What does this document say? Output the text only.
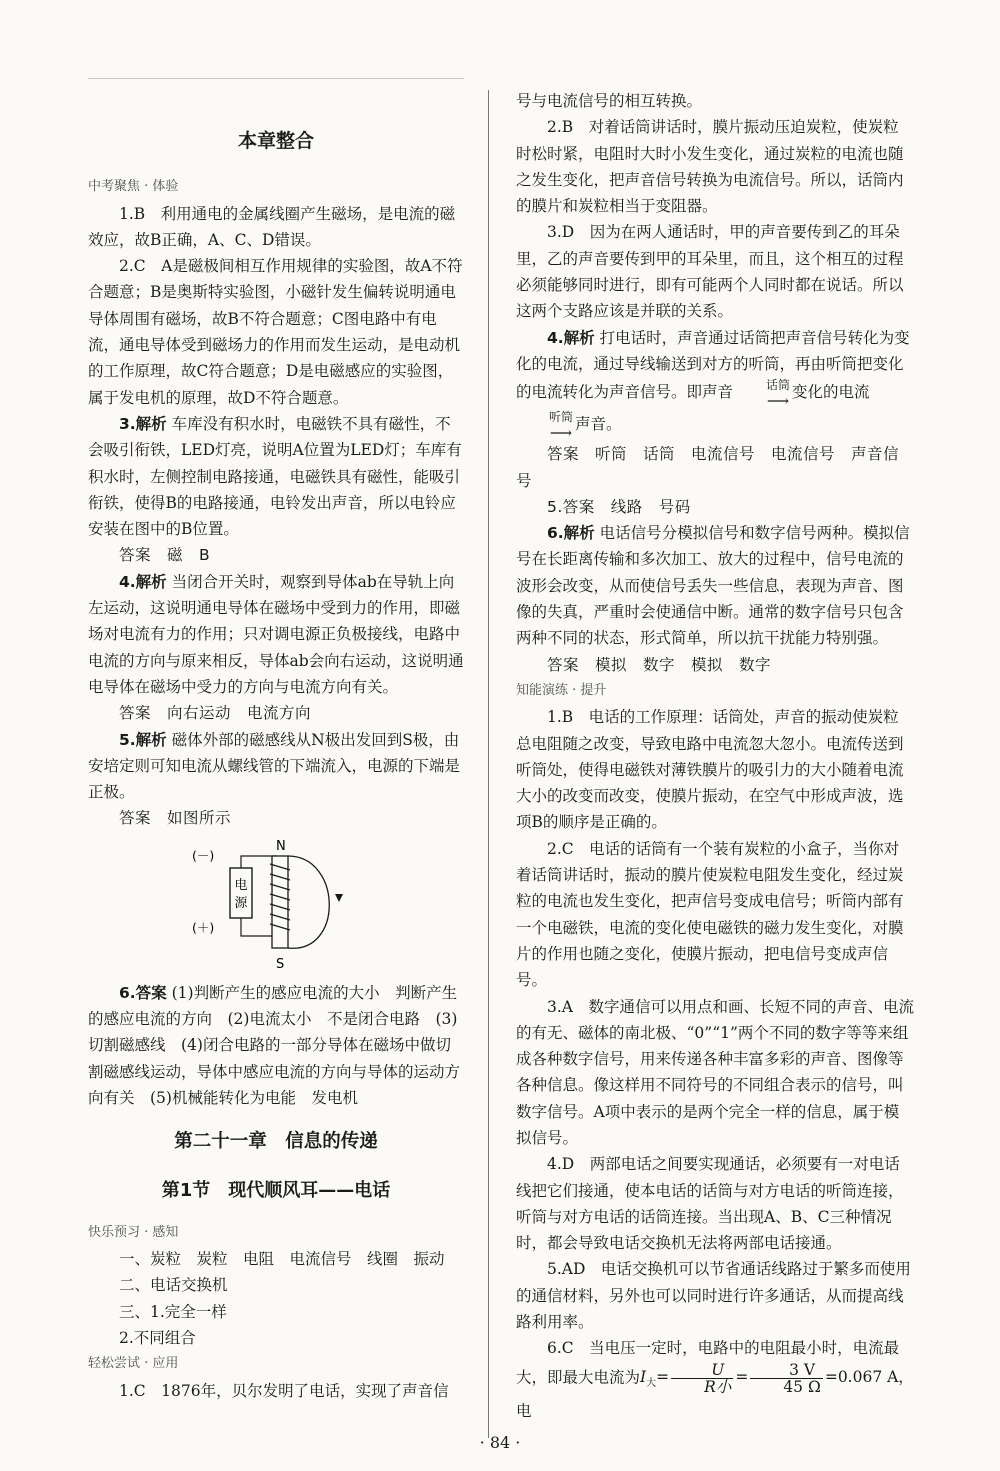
本章整合

中考聚焦 · 体验

1.B　利用通电的金属线圈产生磁场，是电流的磁效应，故B正确，A、C、D错误。

2.C　A是磁极间相互作用规律的实验图，故A不符合题意；B是奥斯特实验图，小磁针发生偏转说明通电导体周围有磁场，故B不符合题意；C图电路中有电流，通电导体受到磁场力的作用而发生运动，是电动机的工作原理，故C符合题意；D是电磁感应的实验图，属于发电机的原理，故D不符合题意。

3.解析 车库没有积水时，电磁铁不具有磁性，不会吸引衔铁，LED灯亮，说明A位置为LED灯；车库有积水时，左侧控制电路接通，电磁铁具有磁性，能吸引衔铁，使得B的电路接通，电铃发出声音，所以电铃应安装在图中的B位置。

答案　磁　B

4.解析 当闭合开关时，观察到导体ab在导轨上向左运动，这说明通电导体在磁场中受到力的作用，即磁场对电流有力的作用；只对调电源正负极接线，电路中电流的方向与原来相反，导体ab会向右运动，这说明通电导体在磁场中受力的方向与电流方向有关。

答案　向右运动　电流方向

5.解析 磁体外部的磁感线从N极出发回到S极，由安培定则可知电流从螺线管的下端流入，电源的下端是正极。

答案　如图所示

电
源
(－)
(＋)
N
S

6.答案 (1)判断产生的感应电流的大小　判断产生的感应电流的方向　(2)电流太小　不是闭合电路　(3)切割磁感线　(4)闭合电路的一部分导体在磁场中做切割磁感线运动，导体中感应电流的方向与导体的运动方向有关　(5)机械能转化为电能　发电机

第二十一章　信息的传递
第1节　现代顺风耳——电话

快乐预习 · 感知

一、炭粒　炭粒　电阻　电流信号　线圈　振动

二、电话交换机

三、1.完全一样

2.不同组合

轻松尝试 · 应用

1.C　1876年，贝尔发明了电话，实现了声音信

号与电流信号的相互转换。

2.B　对着话筒讲话时，膜片振动压迫炭粒，使炭粒时松时紧，电阻时大时小发生变化，通过炭粒的电流也随之发生变化，把声音信号转换为电流信号。所以，话筒内的膜片和炭粒相当于变阻器。

3.D　因为在两人通话时，甲的声音要传到乙的耳朵里，乙的声音要传到甲的耳朵里，而且，这个相互的过程必须能够同时进行，即有可能两个人同时都在说话。所以这两个支路应该是并联的关系。

4.解析 打电话时，声音通过话筒把声音信号转化为变化的电流，通过导线输送到对方的听筒，再由听筒把变化的电流转化为声音信号。即声音	话筒
⟶ 变化的电流
听筒
⟶ 声音。

答案　听筒　话筒　电流信号　电流信号　声音信号

5.答案　线路　号码

6.解析 电话信号分模拟信号和数字信号两种。模拟信号在长距离传输和多次加工、放大的过程中，信号电流的波形会改变，从而使信号丢失一些信息，表现为声音、图像的失真，严重时会使通信中断。通常的数字信号只包含两种不同的状态，形式简单，所以抗干扰能力特别强。

答案　模拟　数字　模拟　数字

知能演练 · 提升

1.B　电话的工作原理：话筒处，声音的振动使炭粒总电阻随之改变，导致电路中电流忽大忽小。电流传送到听筒处，使得电磁铁对薄铁膜片的吸引力的大小随着电流大小的改变而改变，使膜片振动，在空气中形成声波，选项B的顺序是正确的。

2.C　电话的话筒有一个装有炭粒的小盒子，当你对着话筒讲话时，振动的膜片使炭粒电阻发生变化，经过炭粒的电流也发生变化，把声信号变成电信号；听筒内部有一个电磁铁，电流的变化使电磁铁的磁力发生变化，对膜片的作用也随之变化，使膜片振动，把电信号变成声信号。

3.A　数字通信可以用点和画、长短不同的声音、电流的有无、磁体的南北极、“0”“1”两个不同的数字等等来组成各种数字信号，用来传递各种丰富多彩的声音、图像等各种信息。像这样用不同符号的不同组合表示的信号，叫数字信号。A项中表示的是两个完全一样的信息，属于模拟信号。

4.D　两部电话之间要实现通话，必须要有一对电话线把它们接通，使本电话的话筒与对方电话的听筒连接，听筒与对方电话的话筒连接。当出现A、B、C三种情况时，都会导致电话交换机无法将两部电话接通。

5.AD　电话交换机可以节省通话线路过于繁多而使用的通信材料，另外也可以同时进行许多通话，从而提高线路利用率。

6.C　当电压一定时，电路中的电阻最小时，电流最大，即最大电流为$I_大= \frac{U}{\text{R小}} = \frac{3 V}{45 \Omega} =0.067$ A，电

· 84 ·
